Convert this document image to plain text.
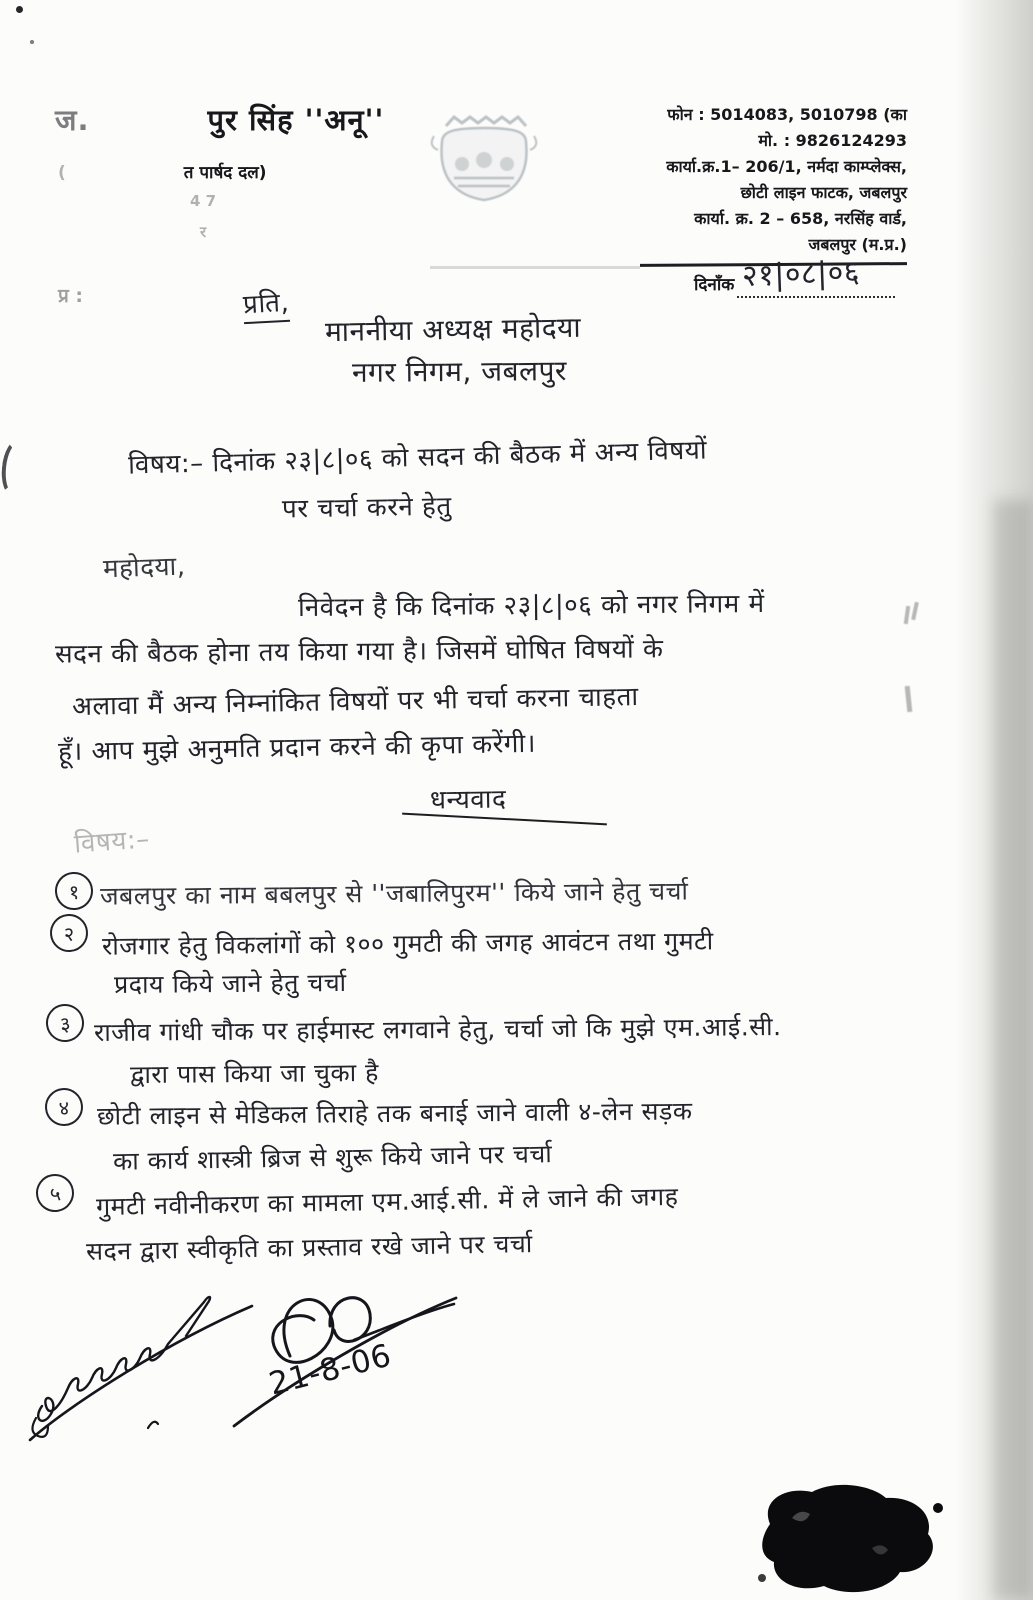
ज.	पुर सिंह ''अनू''
(	त पार्षद दल)
4 7
र
फोन : 5014083, 5010798 (का
मो. : 9826124293
कार्या.क्र.1– 206/1, नर्मदा काम्प्लेक्स,
छोटी लाइन फाटक, जबलपुर
कार्या. क्र. 2 – 658, नरसिंह वार्ड,
जबलपुर (म.प्र.)
दिनाँक २१|०८|०६
प्र :	प्रति,
माननीया अध्यक्ष महोदया
नगर निगम, जबलपुर
विषय:– दिनांक २३|८|०६ को सदन की बैठक में अन्य विषयों
पर चर्चा करने हेतु
महोदया,
निवेदन है कि दिनांक २३|८|०६ को नगर निगम में
सदन की बैठक होना तय किया गया है। जिसमें घोषित विषयों के
अलावा मैं अन्य निम्नांकित विषयों पर भी चर्चा करना चाहता
हूँ। आप मुझे अनुमति प्रदान करने की कृपा करेंगी।
धन्यवाद
विषय:–
१ जबलपुर का नाम बबलपुर से ''जबालिपुरम'' किये जाने हेतु चर्चा
२	रोजगार हेतु विकलांगों को १०० गुमटी की जगह आवंटन तथा गुमटी
प्रदाय किये जाने हेतु चर्चा
३ राजीव गांधी चौक पर हाईमास्ट लगवाने हेतु, चर्चा जो कि मुझे एम.आई.सी.
द्वारा पास किया जा चुका है
४	छोटी लाइन से मेडिकल तिराहे तक बनाई जाने वाली ४-लेन सड़क
का कार्य शास्त्री ब्रिज से शुरू किये जाने पर चर्चा
५	गुमटी नवीनीकरण का मामला एम.आई.सी. में ले जाने की जगह
सदन द्वारा स्वीकृति का प्रस्ताव रखे जाने पर चर्चा
21-8-06
